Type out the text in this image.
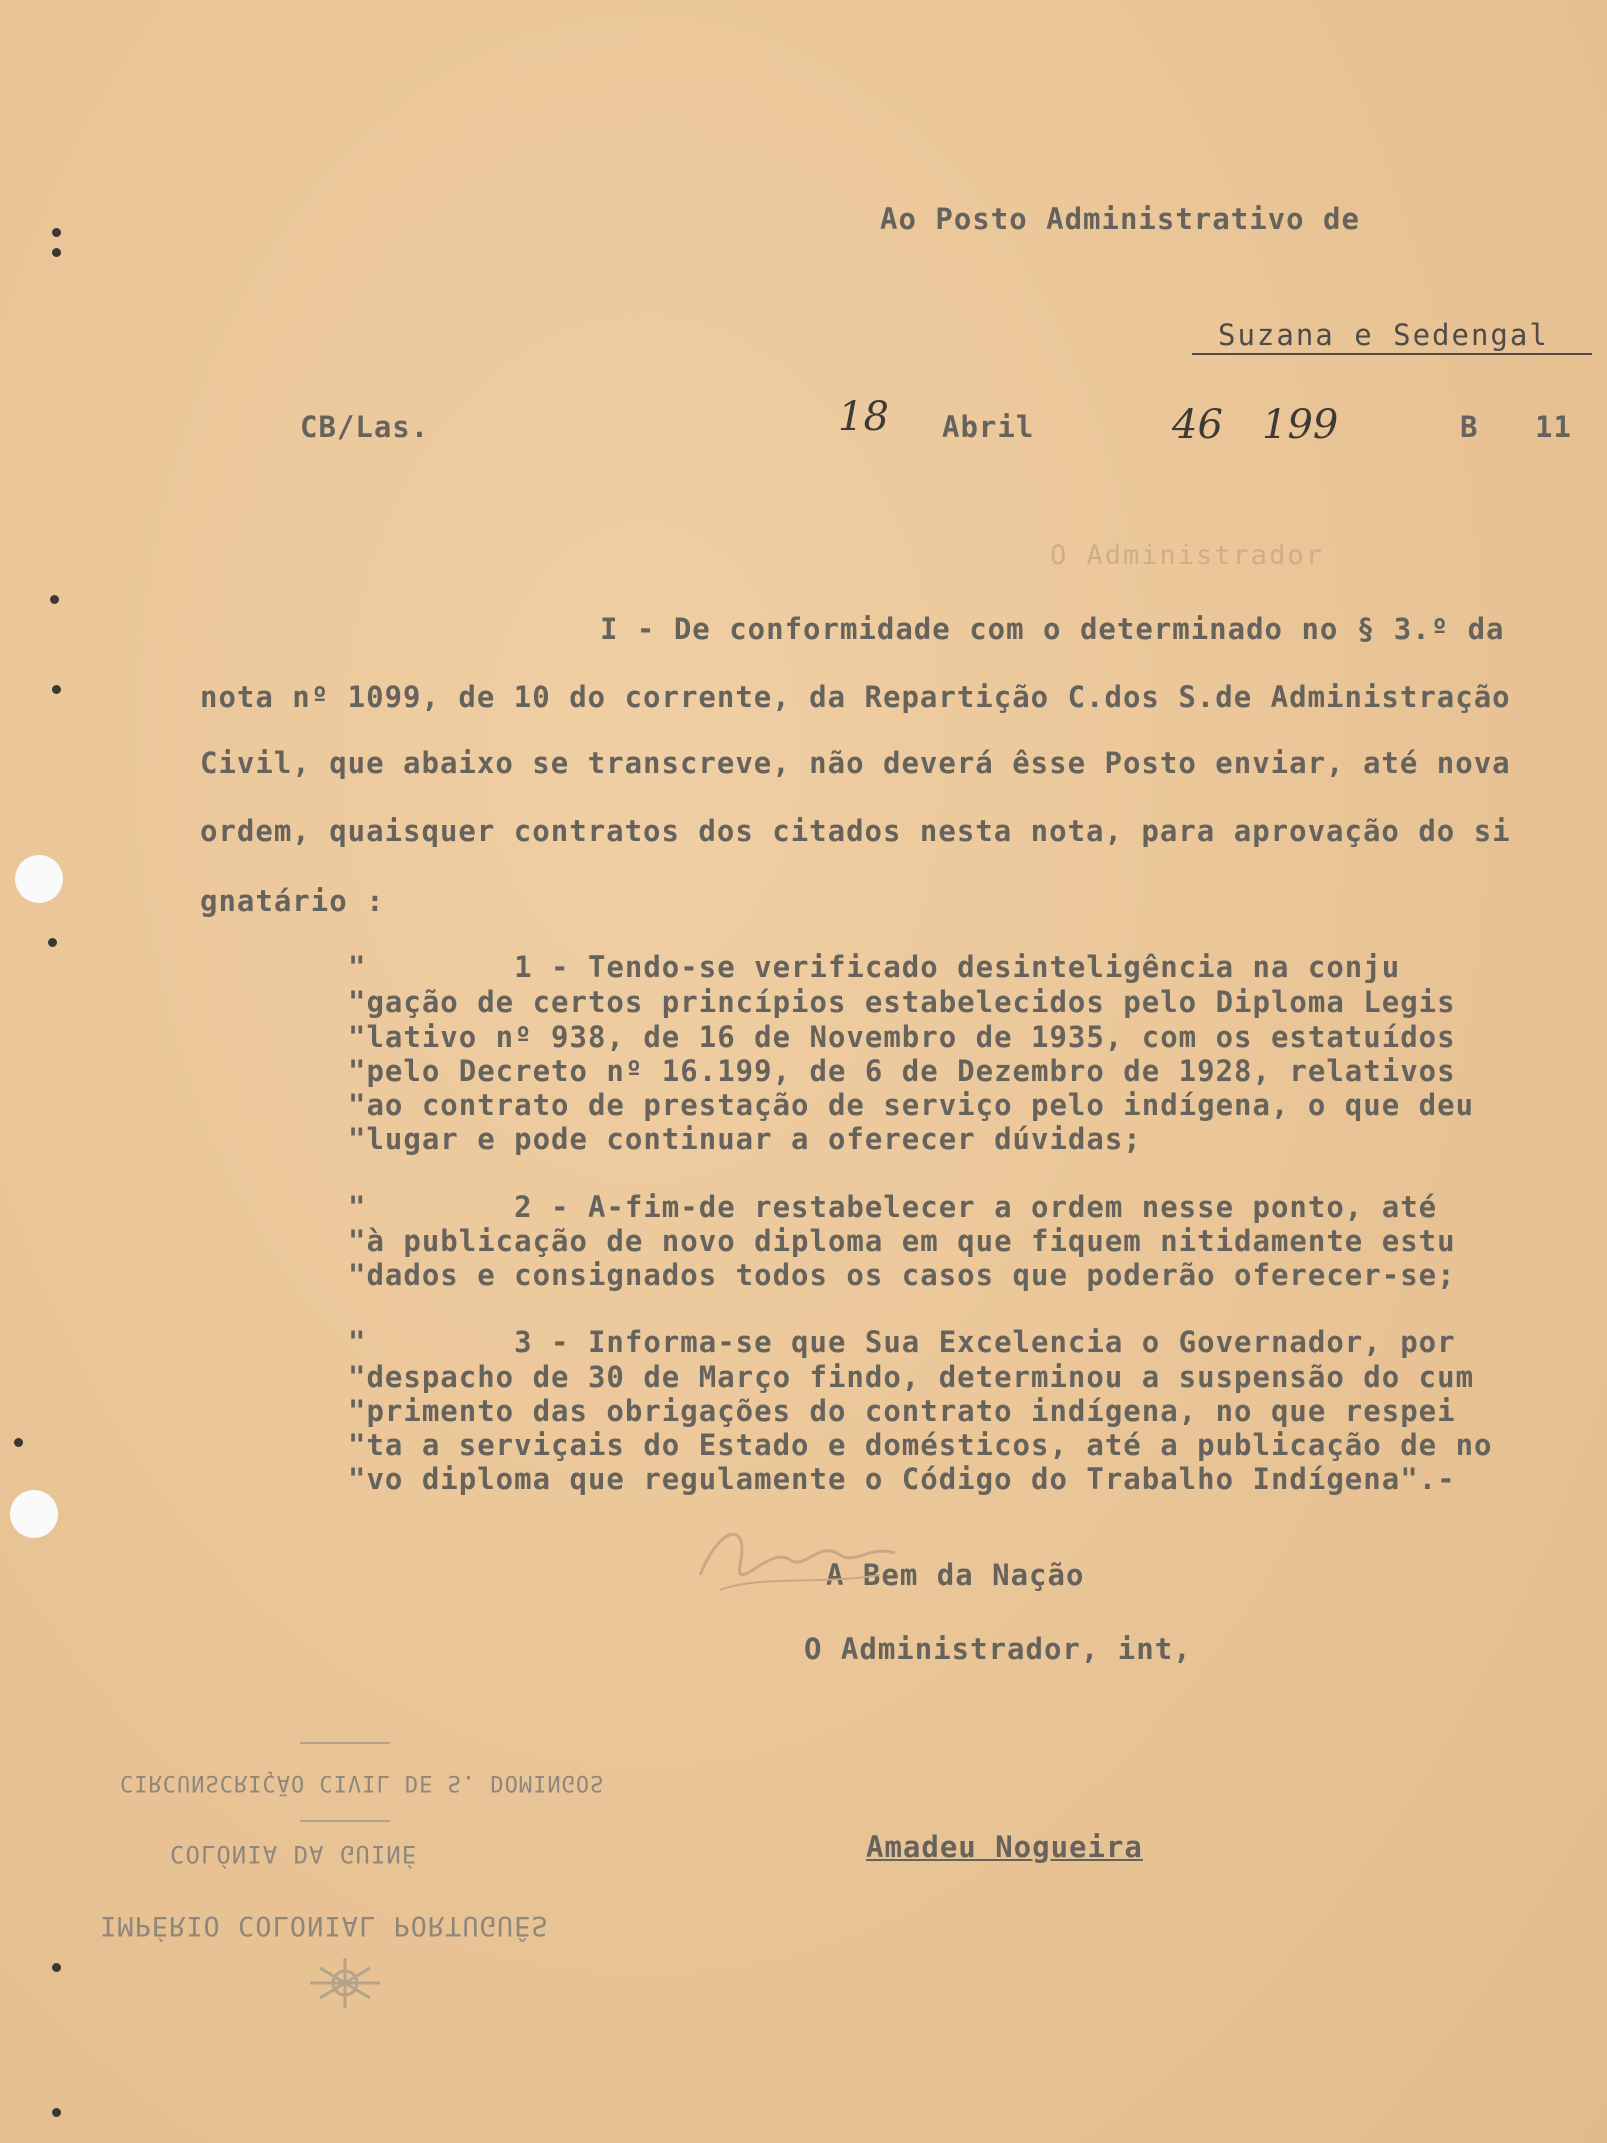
O Administrador
Ao Posto Administrativo de
Suzana e Sedengal
CB/Las.	18 Abril	46 199	B 11
I - De conformidade com o determinado no § 3.º da
nota nº 1099, de 10 do corrente, da Repartição C.dos S.de Administração
Civil, que abaixo se transcreve, não deverá êsse Posto enviar, até nova
ordem, quaisquer contratos dos citados nesta nota, para aprovação do si
gnatário :
"        1 - Tendo-se verificado desinteligência na conju
"gação de certos princípios estabelecidos pelo Diploma Legis
"lativo nº 938, de 16 de Novembro de 1935, com os estatuídos
"pelo Decreto nº 16.199, de 6 de Dezembro de 1928, relativos
"ao contrato de prestação de serviço pelo indígena, o que deu
"lugar e pode continuar a oferecer dúvidas;
"        2 - A-fim-de restabelecer a ordem nesse ponto, até
"à publicação de novo diploma em que fiquem nitidamente estu
"dados e consignados todos os casos que poderão oferecer-se;
"        3 - Informa-se que Sua Excelencia o Governador, por
"despacho de 30 de Março findo, determinou a suspensão do cum
"primento das obrigações do contrato indígena, no que respei
"ta a serviçais do Estado e domésticos, até a publicação de no
"vo diploma que regulamente o Código do Trabalho Indígena".-
A Bem da Nação
O Administrador, int,
Amadeu Nogueira
CIRCUNSCRIÇÃO CIVIL DE S. DOMINGOS
COLÓNIA DA GUINÉ
IMPÉRIO COLONIAL PORTUGUÊS
